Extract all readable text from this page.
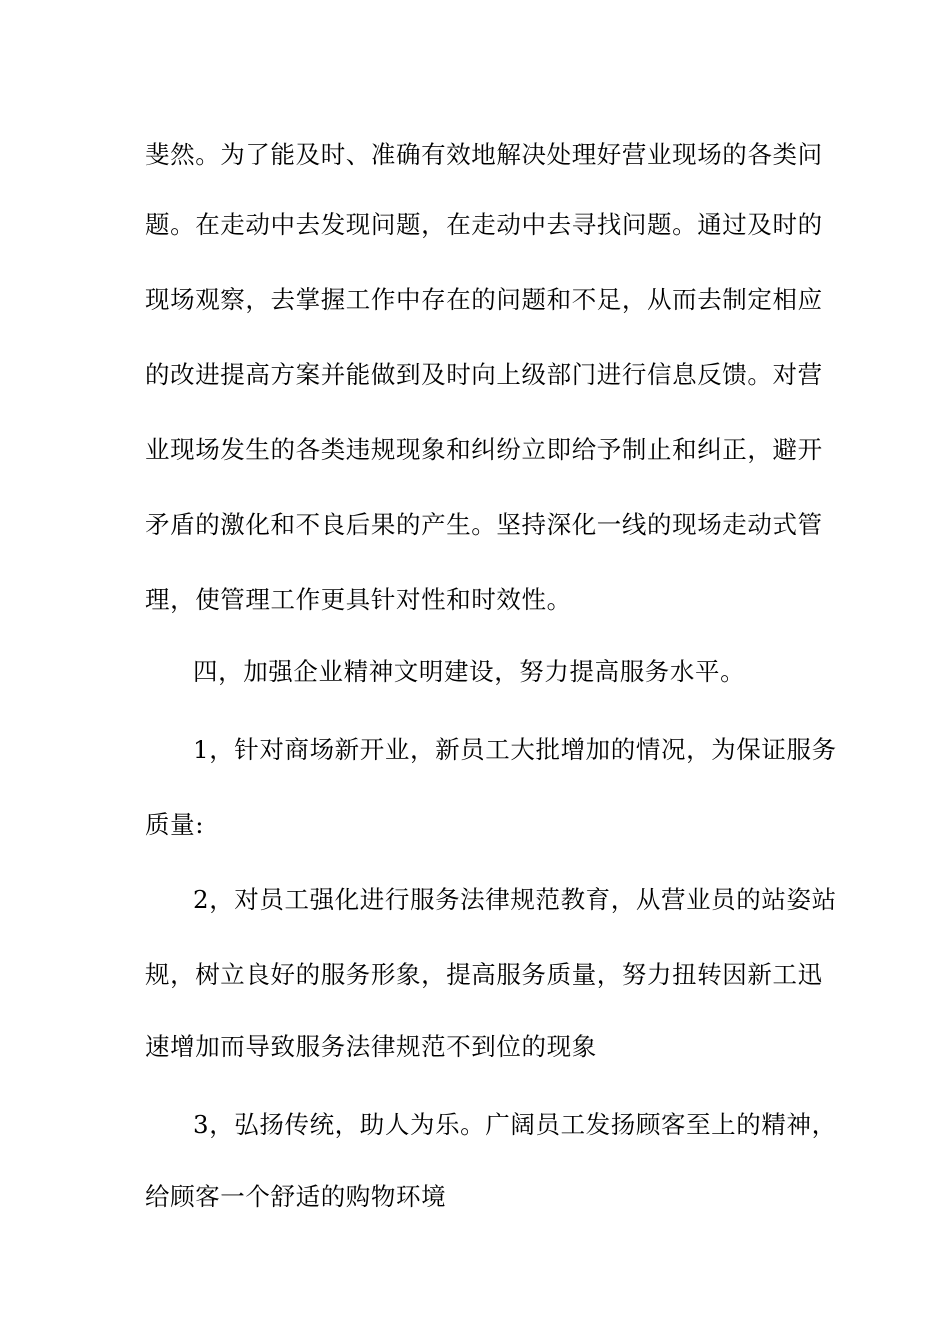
斐然。为了能及时、准确有效地解决处理好营业现场的各类问
题。在走动中去发现问题，在走动中去寻找问题。通过及时的
现场观察，去掌握工作中存在的问题和不足，从而去制定相应
的改进提高方案并能做到及时向上级部门进行信息反馈。对营
业现场发生的各类违规现象和纠纷立即给予制止和纠正，避开
矛盾的激化和不良后果的产生。坚持深化一线的现场走动式管
理，使管理工作更具针对性和时效性。
四，加强企业精神文明建设，努力提高服务水平。
1，针对商场新开业，新员工大批增加的情况，为保证服务
质量:
2，对员工强化进行服务法律规范教育，从营业员的站姿站
规，树立良好的服务形象，提高服务质量，努力扭转因新工迅
速增加而导致服务法律规范不到位的现象
3，弘扬传统，助人为乐。广阔员工发扬顾客至上的精神，
给顾客一个舒适的购物环境
